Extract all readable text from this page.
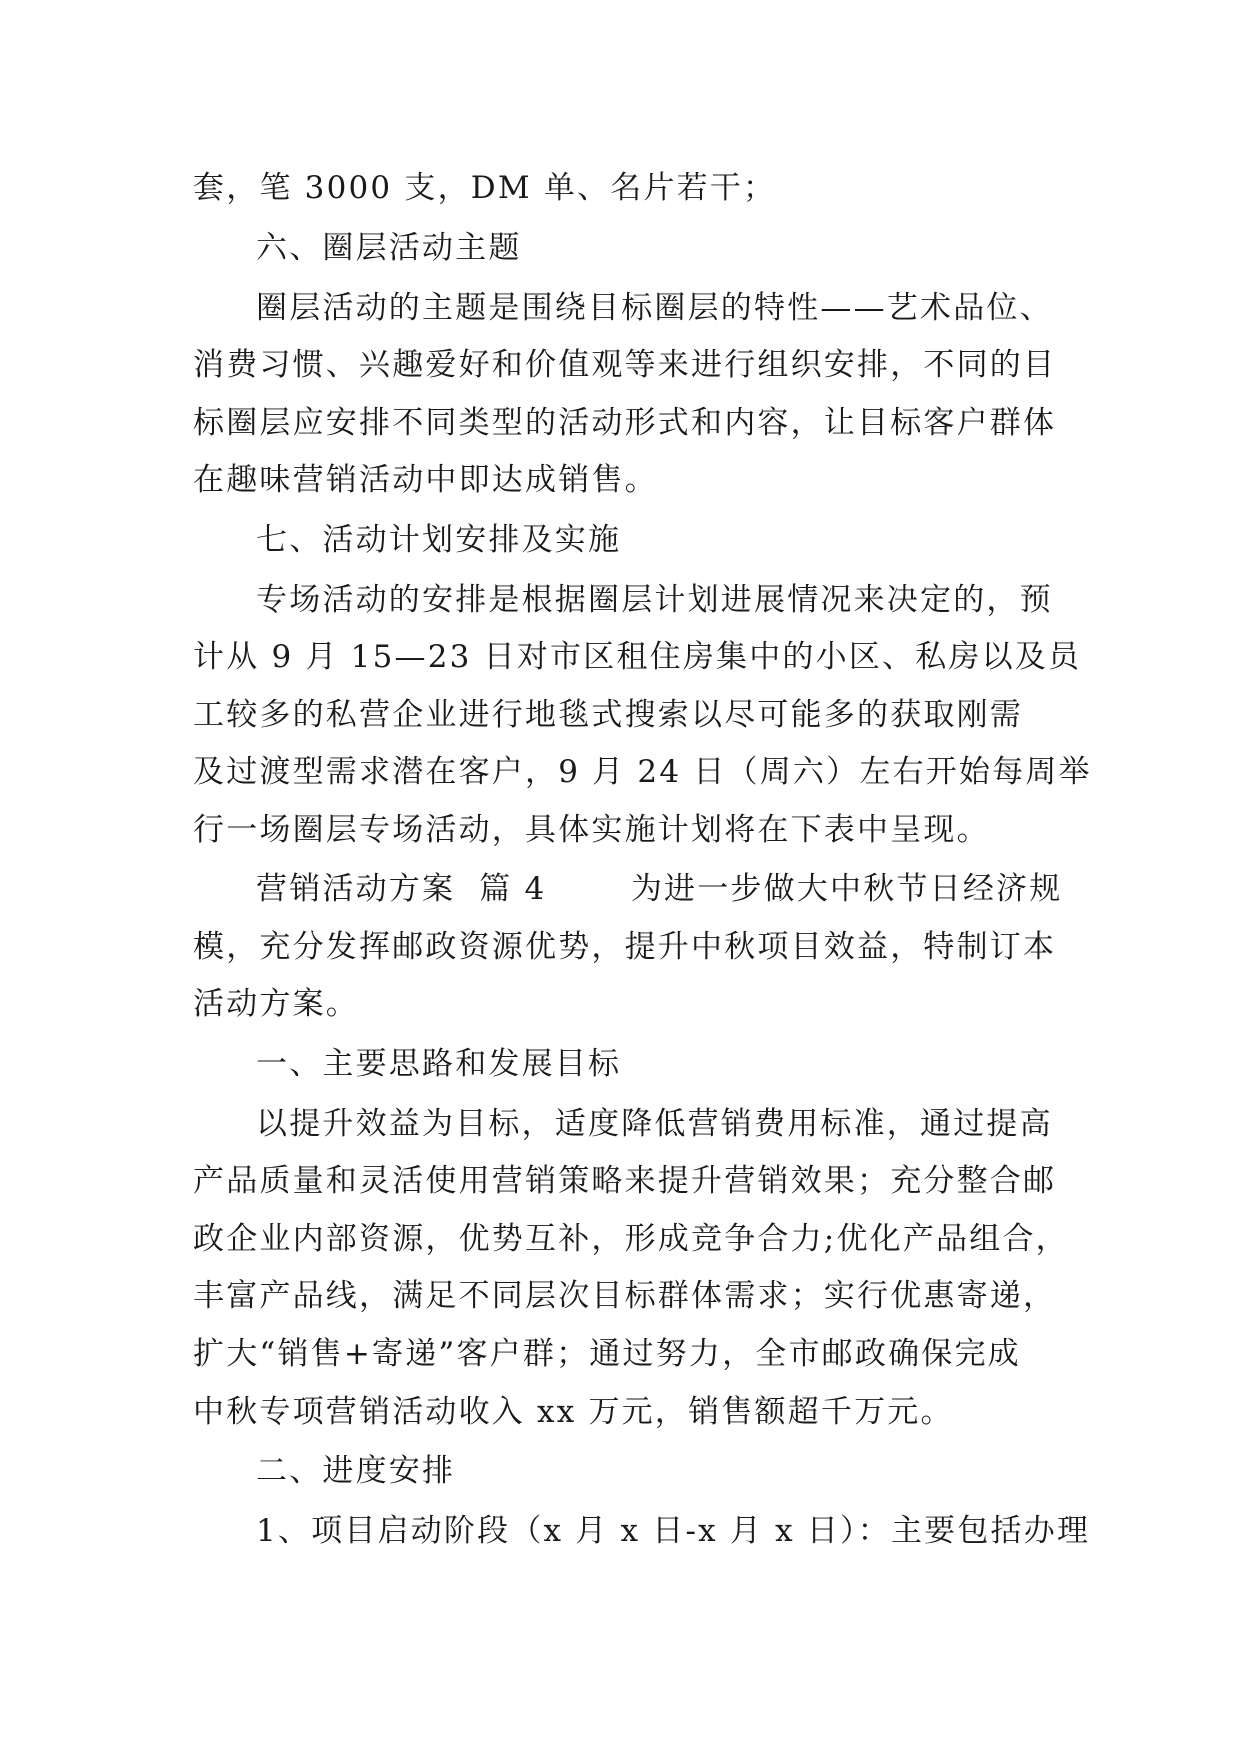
套，笔 3000 支，DM 单、名片若干；
六、圈层活动主题
圈层活动的主题是围绕目标圈层的特性——艺术品位、
消费习惯、兴趣爱好和价值观等来进行组织安排，不同的目
标圈层应安排不同类型的活动形式和内容，让目标客户群体
在趣味营销活动中即达成销售。
七、活动计划安排及实施
专场活动的安排是根据圈层计划进展情况来决定的，预
计从 9 月 15—23 日对市区租住房集中的小区、私房以及员
工较多的私营企业进行地毯式搜索以尽可能多的获取刚需
及过渡型需求潜在客户，9 月 24 日（周六）左右开始每周举
行一场圈层专场活动，具体实施计划将在下表中呈现。
营销活动方案  篇 4       为进一步做大中秋节日经济规
模，充分发挥邮政资源优势，提升中秋项目效益，特制订本
活动方案。
一、主要思路和发展目标
以提升效益为目标，适度降低营销费用标准，通过提高
产品质量和灵活使用营销策略来提升营销效果；充分整合邮
政企业内部资源，优势互补，形成竞争合力;优化产品组合，
丰富产品线，满足不同层次目标群体需求；实行优惠寄递，
扩大“销售+寄递”客户群；通过努力，全市邮政确保完成
中秋专项营销活动收入 xx 万元，销售额超千万元。
二、进度安排
1、项目启动阶段（x 月 x 日-x 月 x 日）：主要包括办理
